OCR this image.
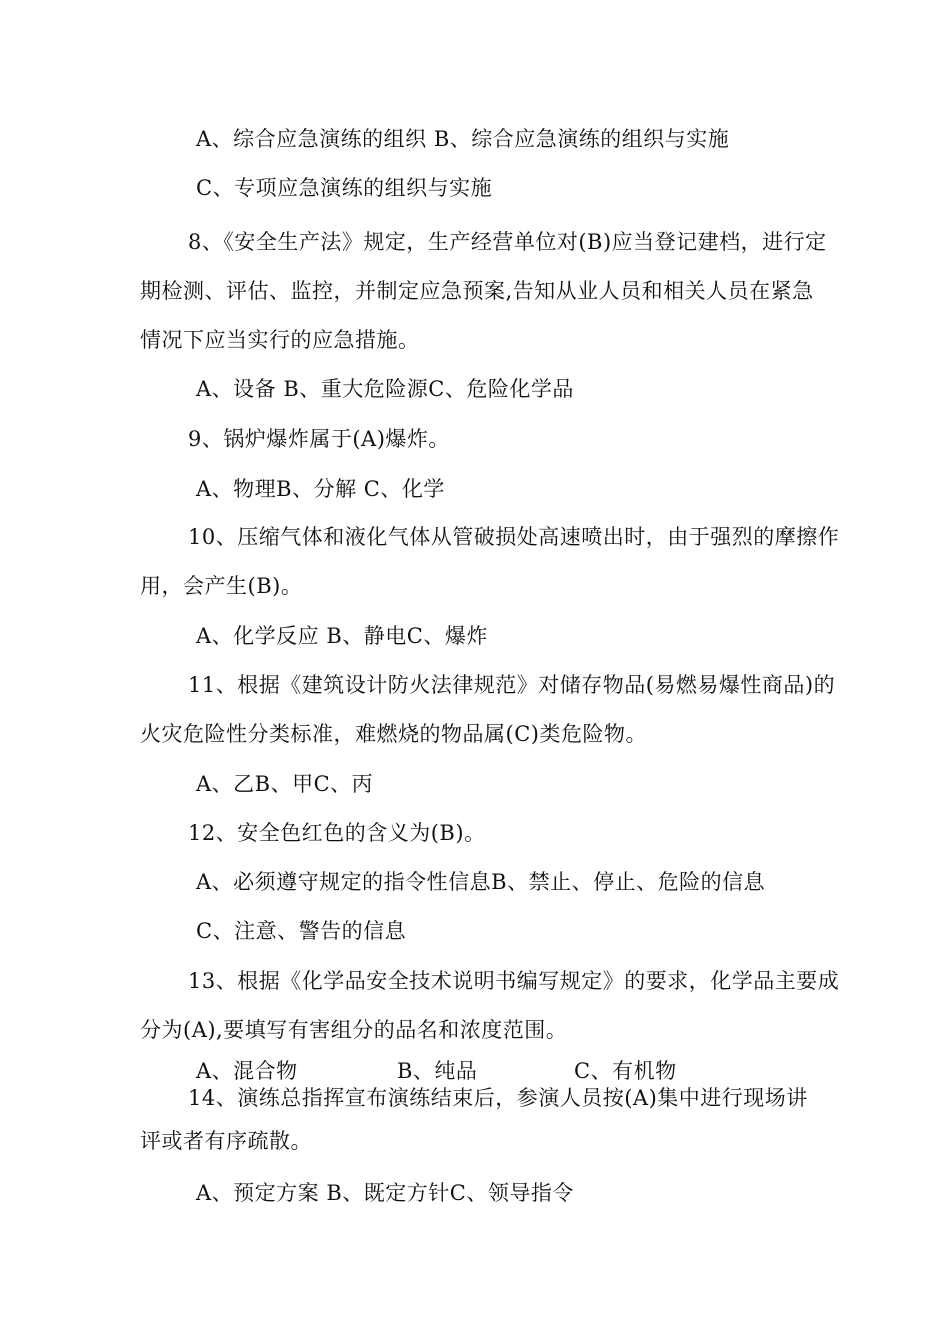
A、综合应急演练的组织 B、综合应急演练的组织与实施
C、专项应急演练的组织与实施
8、《安全生产法》规定，生产经营单位对(B)应当登记建档，进行定
期检测、评估、监控，并制定应急预案,告知从业人员和相关人员在紧急
情况下应当实行的应急措施。
A、设备 B、重大危险源C、危险化学品
9、锅炉爆炸属于(A)爆炸。
A、物理B、分解 C、化学
10、压缩气体和液化气体从管破损处高速喷出时，由于强烈的摩擦作
用，会产生(B)。
A、化学反应 B、静电C、爆炸
11、根据《建筑设计防火法律规范》对储存物品(易燃易爆性商品)的
火灾危险性分类标准，难燃烧的物品属(C)类危险物。
A、乙B、甲C、丙
12、安全色红色的含义为(B)。
A、必须遵守规定的指令性信息B、禁止、停止、危险的信息
C、注意、警告的信息
13、根据《化学品安全技术说明书编写规定》的要求，化学品主要成
分为(A),要填写有害组分的品名和浓度范围。
A、混合物	B、纯品	C、有机物
14、演练总指挥宣布演练结束后，参演人员按(A)集中进行现场讲
评或者有序疏散。
A、预定方案 B、既定方针C、领导指令
